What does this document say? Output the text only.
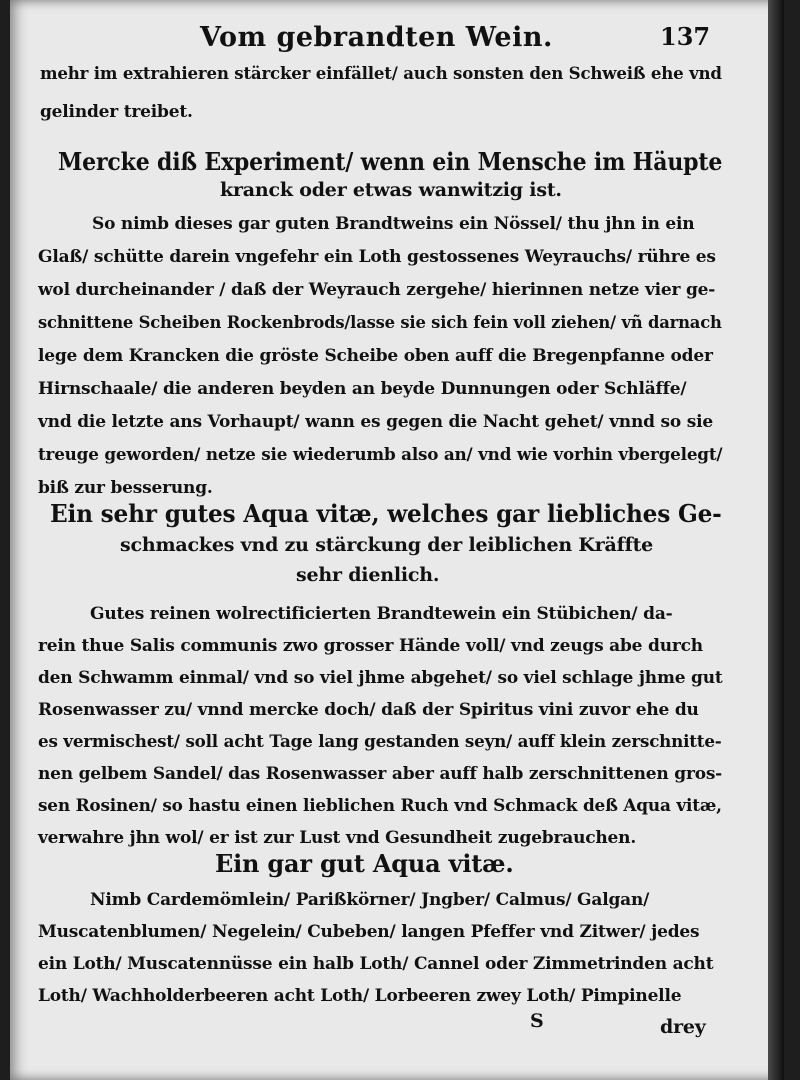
Vom gebrandten Wein.	137
mehr im extrahieren stärcker einfället/ auch sonsten den Schweiß ehe vnd
gelinder treibet.
Mercke diß Experiment/ wenn ein Mensche im Häupte
kranck oder etwas wanwitzig ist.
So nimb dieses gar guten Brandtweins ein Nössel/ thu jhn in ein
Glaß/ schütte darein vngefehr ein Loth gestossenes Weyrauchs/ rühre es
wol durcheinander / daß der Weyrauch zergehe/ hierinnen netze vier ge-
schnittene Scheiben Rockenbrods/lasse sie sich fein voll ziehen/ vñ darnach
lege dem Krancken die gröste Scheibe oben auff die Bregenpfanne oder
Hirnschaale/ die anderen beyden an beyde Dunnungen oder Schläffe/
vnd die letzte ans Vorhaupt/ wann es gegen die Nacht gehet/ vnnd so sie
treuge geworden/ netze sie wiederumb also an/ vnd wie vorhin vbergelegt/
biß zur besserung.
Ein sehr gutes Aqua vitæ, welches gar liebliches Ge-
schmackes vnd zu stärckung der leiblichen Kräffte
sehr dienlich.
Gutes reinen wolrectificierten Brandtewein ein Stübichen/ da-
rein thue Salis communis zwo grosser Hände voll/ vnd zeugs abe durch
den Schwamm einmal/ vnd so viel jhme abgehet/ so viel schlage jhme gut
Rosenwasser zu/ vnnd mercke doch/ daß der Spiritus vini zuvor ehe du
es vermischest/ soll acht Tage lang gestanden seyn/ auff klein zerschnitte-
nen gelbem Sandel/ das Rosenwasser aber auff halb zerschnittenen gros-
sen Rosinen/ so hastu einen lieblichen Ruch vnd Schmack deß Aqua vitæ,
verwahre jhn wol/ er ist zur Lust vnd Gesundheit zugebrauchen.
Ein gar gut Aqua vitæ.
Nimb Cardemömlein/ Parißkörner/ Jngber/ Calmus/ Galgan/
Muscatenblumen/ Negelein/ Cubeben/ langen Pfeffer vnd Zitwer/ jedes
ein Loth/ Muscatennüsse ein halb Loth/ Cannel oder Zimmetrinden acht
Loth/ Wachholderbeeren acht Loth/ Lorbeeren zwey Loth/ Pimpinelle
S	drey
